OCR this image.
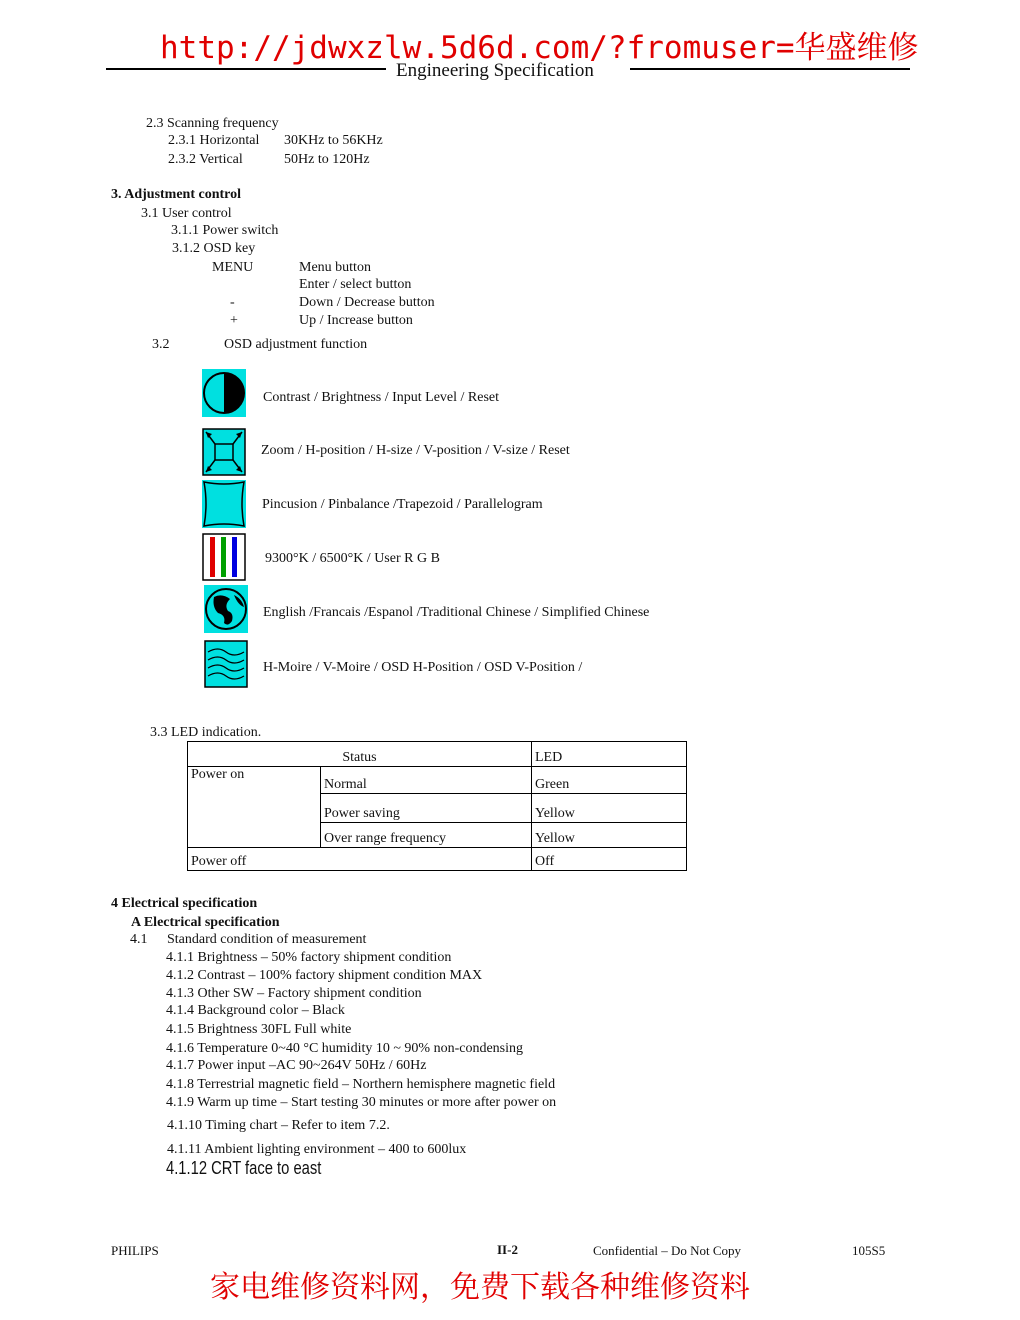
http://jdwxzlw.5d6d.com/?fromuser=华盛维修
Engineering Specification
2.3 Scanning frequency
2.3.1 Horizontal 30KHz to 56KHz
2.3.2 Vertical	50Hz to 120Hz
3. Adjustment control
3.1 User control
3.1.1 Power switch
3.1.2 OSD key
MENU	Menu button
Enter / select button
-	Down / Decrease button
+	Up / Increase button
3.2	OSD adjustment function
Contrast / Brightness / Input Level / Reset
Zoom / H-position / H-size / V-position / V-size / Reset
Pincusion / Pinbalance /Trapezoid / Parallelogram
9300°K / 6500°K / User R G B
English /Francais /Espanol /Traditional Chinese / Simplified Chinese
H-Moire / V-Moire / OSD H-Position / OSD V-Position /
3.3 LED indication.
Status		LED
Power on	Normal	Green
	Power saving	Yellow
	Over range frequency	Yellow
Power off		Off
4 Electrical specification
A Electrical specification
4.1 Standard condition of measurement
4.1.1 Brightness – 50% factory shipment condition
4.1.2 Contrast – 100% factory shipment condition MAX
4.1.3 Other SW – Factory shipment condition
4.1.4 Background color – Black
4.1.5 Brightness 30FL Full white
4.1.6 Temperature 0~40 °C humidity 10 ~ 90% non-condensing
4.1.7 Power input –AC 90~264V 50Hz / 60Hz
4.1.8 Terrestrial magnetic field – Northern hemisphere magnetic field
4.1.9 Warm up time – Start testing 30 minutes or more after power on
4.1.10 Timing chart – Refer to item 7.2.
4.1.11 Ambient lighting environment – 400 to 600lux
4.1.12 CRT face to east
PHILIPS	II-2	Confidential – Do Not Copy	105S5
家电维修资料网，免费下载各种维修资料
